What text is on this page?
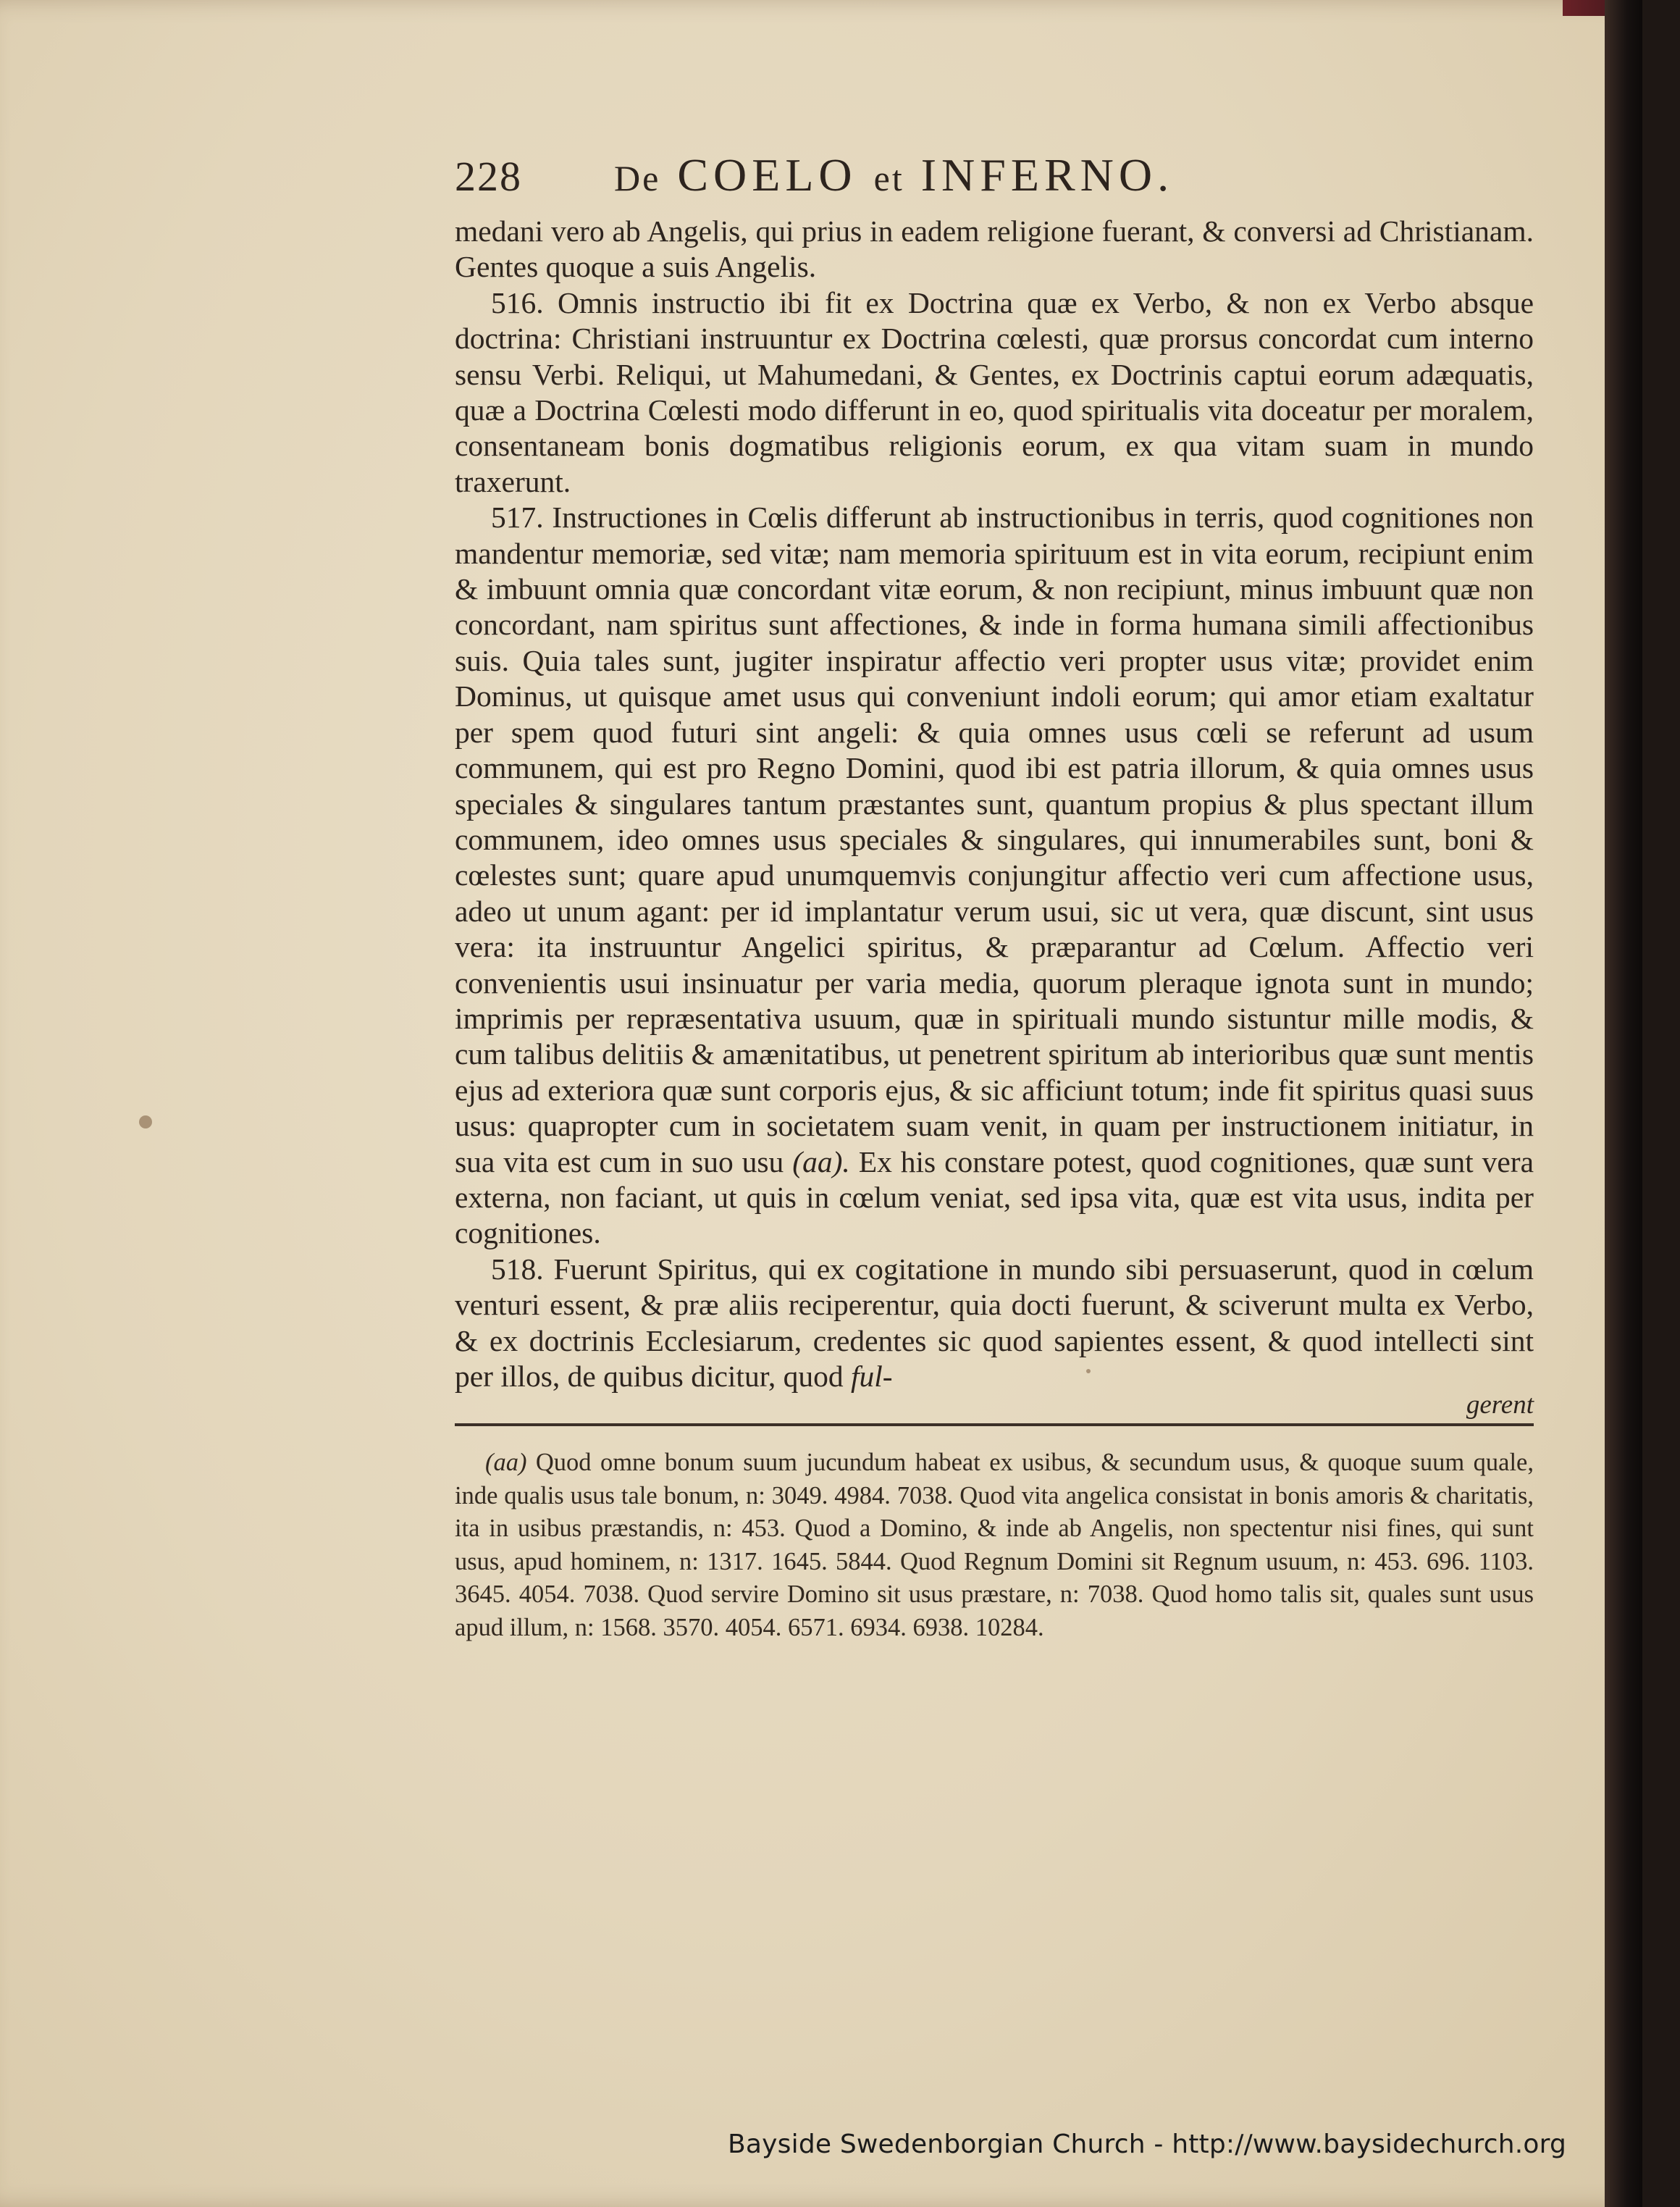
228	De COELO et INFERNO.

medani vero ab Angelis, qui prius in eadem religione fuerant, & conversi ad Christianam. Gentes quoque a suis Angelis.

516. Omnis instructio ibi fit ex Doctrina quæ ex Verbo, & non ex Verbo absque doctrina: Christiani instruuntur ex Doctrina cœlesti, quæ prorsus concordat cum interno sensu Verbi. Reliqui, ut Mahumedani, & Gentes, ex Doctrinis captui eorum adæquatis, quæ a Doctrina Cœlesti modo differunt in eo, quod spiritualis vita doceatur per moralem, consentaneam bonis dogmatibus religionis eorum, ex qua vitam suam in mundo traxerunt.

517. Instructiones in Cœlis differunt ab instructionibus in terris, quod cognitiones non mandentur memoriæ, sed vitæ; nam memoria spirituum est in vita eorum, recipiunt enim & imbuunt omnia quæ concordant vitæ eorum, & non recipiunt, minus imbuunt quæ non concordant, nam spiritus sunt affectiones, & inde in forma humana simili affectionibus suis. Quia tales sunt, jugiter inspiratur affectio veri propter usus vitæ; providet enim Dominus, ut quisque amet usus qui conveniunt indoli eorum; qui amor etiam exaltatur per spem quod futuri sint angeli: & quia omnes usus cœli se referunt ad usum communem, qui est pro Regno Domini, quod ibi est patria illorum, & quia omnes usus speciales & singulares tantum præstantes sunt, quantum propius & plus spectant illum communem, ideo omnes usus speciales & singulares, qui innumerabiles sunt, boni & cœlestes sunt; quare apud unumquemvis conjungitur affectio veri cum affectione usus, adeo ut unum agant: per id implantatur verum usui, sic ut vera, quæ discunt, sint usus vera: ita instruuntur Angelici spiritus, & præparantur ad Cœlum. Affectio veri convenientis usui insinuatur per varia media, quorum pleraque ignota sunt in mundo; imprimis per repræsentativa usuum, quæ in spirituali mundo sistuntur mille modis, & cum talibus delitiis & amænitatibus, ut penetrent spiritum ab interioribus quæ sunt mentis ejus ad exteriora quæ sunt corporis ejus, & sic afficiunt totum; inde fit spiritus quasi suus usus: quapropter cum in societatem suam venit, in quam per instructionem initiatur, in sua vita est cum in suo usu (aa). Ex his constare potest, quod cognitiones, quæ sunt vera externa, non faciant, ut quis in cœlum veniat, sed ipsa vita, quæ est vita usus, indita per cognitiones.

518. Fuerunt Spiritus, qui ex cogitatione in mundo sibi persuaserunt, quod in cœlum venturi essent, & præ aliis reciperentur, quia docti fuerunt, & sciverunt multa ex Verbo, & ex doctrinis Ecclesiarum, credentes sic quod sapientes essent, & quod intellecti sint per illos, de quibus dicitur, quod ful-

gerent
(aa) Quod omne bonum suum jucundum habeat ex usibus, & secundum usus, & quoque suum quale, inde qualis usus tale bonum, n: 3049. 4984. 7038. Quod vita angelica consistat in bonis amoris & charitatis, ita in usibus præstandis, n: 453. Quod a Domino, & inde ab Angelis, non spectentur nisi fines, qui sunt usus, apud hominem, n: 1317. 1645. 5844. Quod Regnum Domini sit Regnum usuum, n: 453. 696. 1103. 3645. 4054. 7038. Quod servire Domino sit usus præstare, n: 7038. Quod homo talis sit, quales sunt usus apud illum, n: 1568. 3570. 4054. 6571. 6934. 6938. 10284.
Bayside Swedenborgian Church - http://www.baysidechurch.org
